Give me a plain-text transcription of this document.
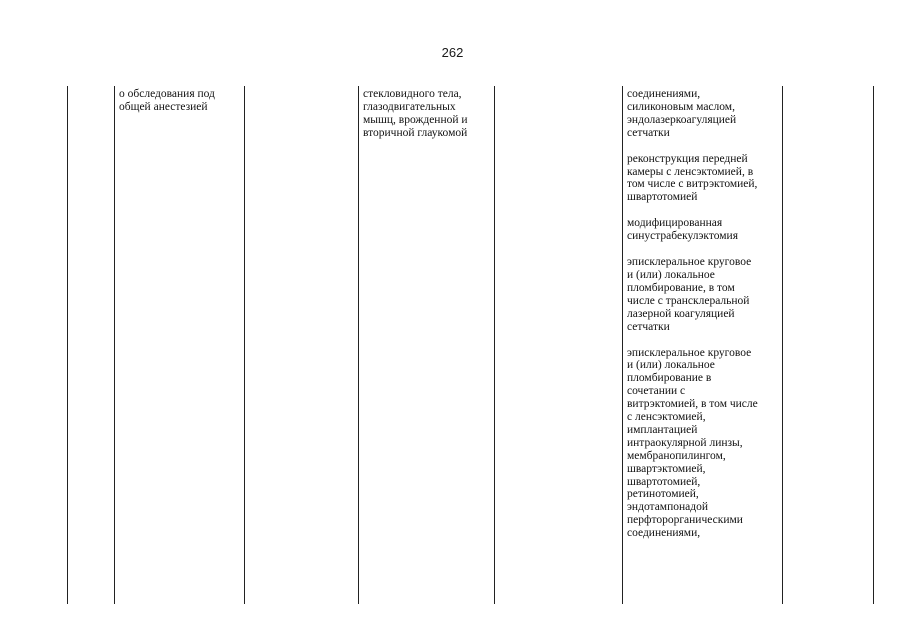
262
о обследования под
общей анестезией
стекловидного тела,
глазодвигательных
мышц, врожденной и
вторичной глаукомой
соединениями,
силиконовым маслом,
эндолазеркоагуляцией
сетчатки
реконструкция передней
камеры с ленсэктомией, в
том числе с витрэктомией,
швартотомией
модифицированная
синустрабекулэктомия
эписклеральное круговое
и (или) локальное
пломбирование, в том
числе с трансклеральной
лазерной коагуляцией
сетчатки
эписклеральное круговое
и (или) локальное
пломбирование в
сочетании с
витрэктомией, в том числе
с ленсэктомией,
имплантацией
интраокулярной линзы,
мембранопилингом,
швартэктомией,
швартотомией,
ретинотомией,
эндотампонадой
перфторорганическими
соединениями,
